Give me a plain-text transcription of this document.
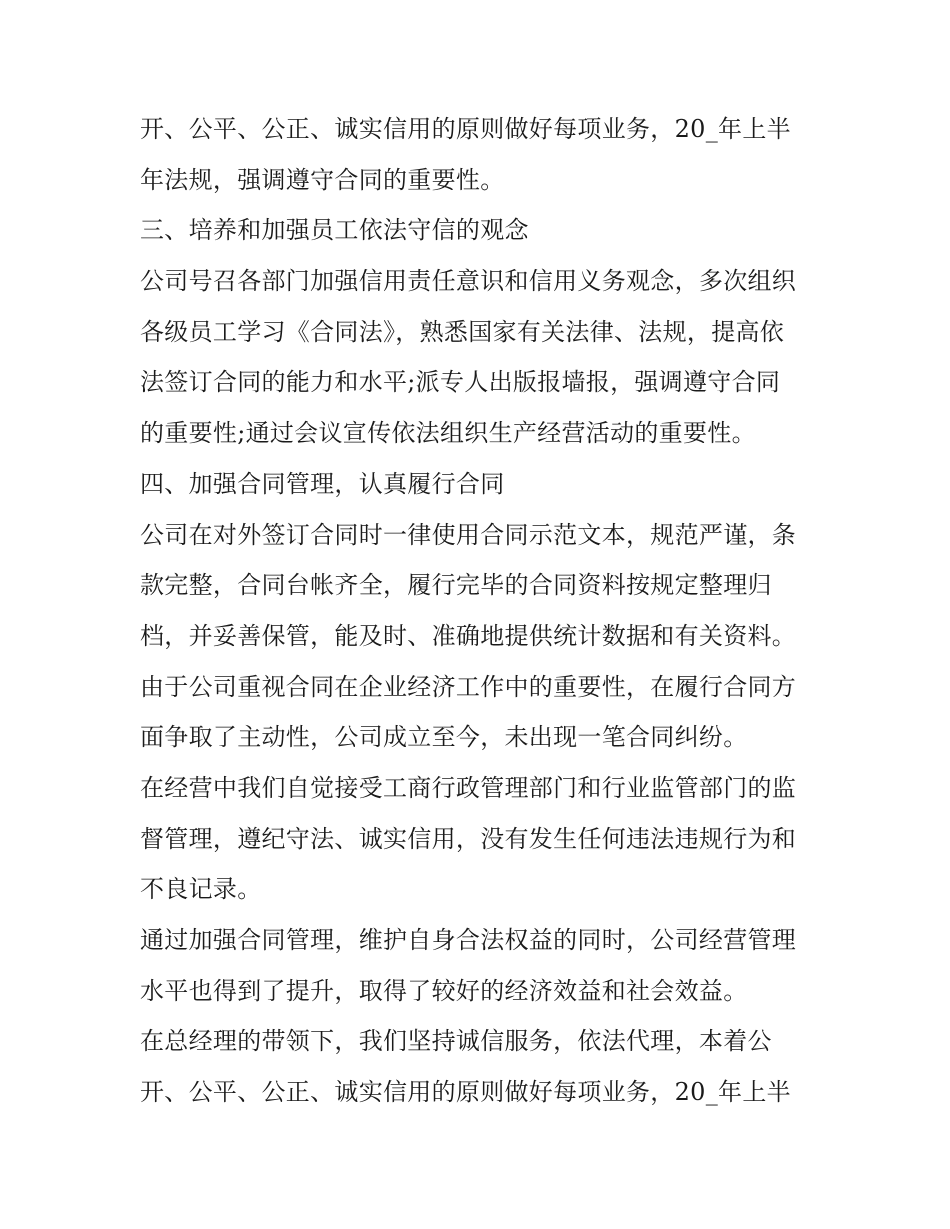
开、公平、公正、诚实信用的原则做好每项业务，20_年上半
年法规，强调遵守合同的重要性。
三、培养和加强员工依法守信的观念
公司号召各部门加强信用责任意识和信用义务观念，多次组织
各级员工学习《合同法》，熟悉国家有关法律、法规，提高依
法签订合同的能力和水平;派专人出版报墙报，强调遵守合同
的重要性;通过会议宣传依法组织生产经营活动的重要性。
四、加强合同管理，认真履行合同
公司在对外签订合同时一律使用合同示范文本，规范严谨，条
款完整，合同台帐齐全，履行完毕的合同资料按规定整理归
档，并妥善保管，能及时、准确地提供统计数据和有关资料。
由于公司重视合同在企业经济工作中的重要性，在履行合同方
面争取了主动性，公司成立至今，未出现一笔合同纠纷。
在经营中我们自觉接受工商行政管理部门和行业监管部门的监
督管理，遵纪守法、诚实信用，没有发生任何违法违规行为和
不良记录。
通过加强合同管理，维护自身合法权益的同时，公司经营管理
水平也得到了提升，取得了较好的经济效益和社会效益。
在总经理的带领下，我们坚持诚信服务，依法代理，本着公
开、公平、公正、诚实信用的原则做好每项业务，20_年上半
